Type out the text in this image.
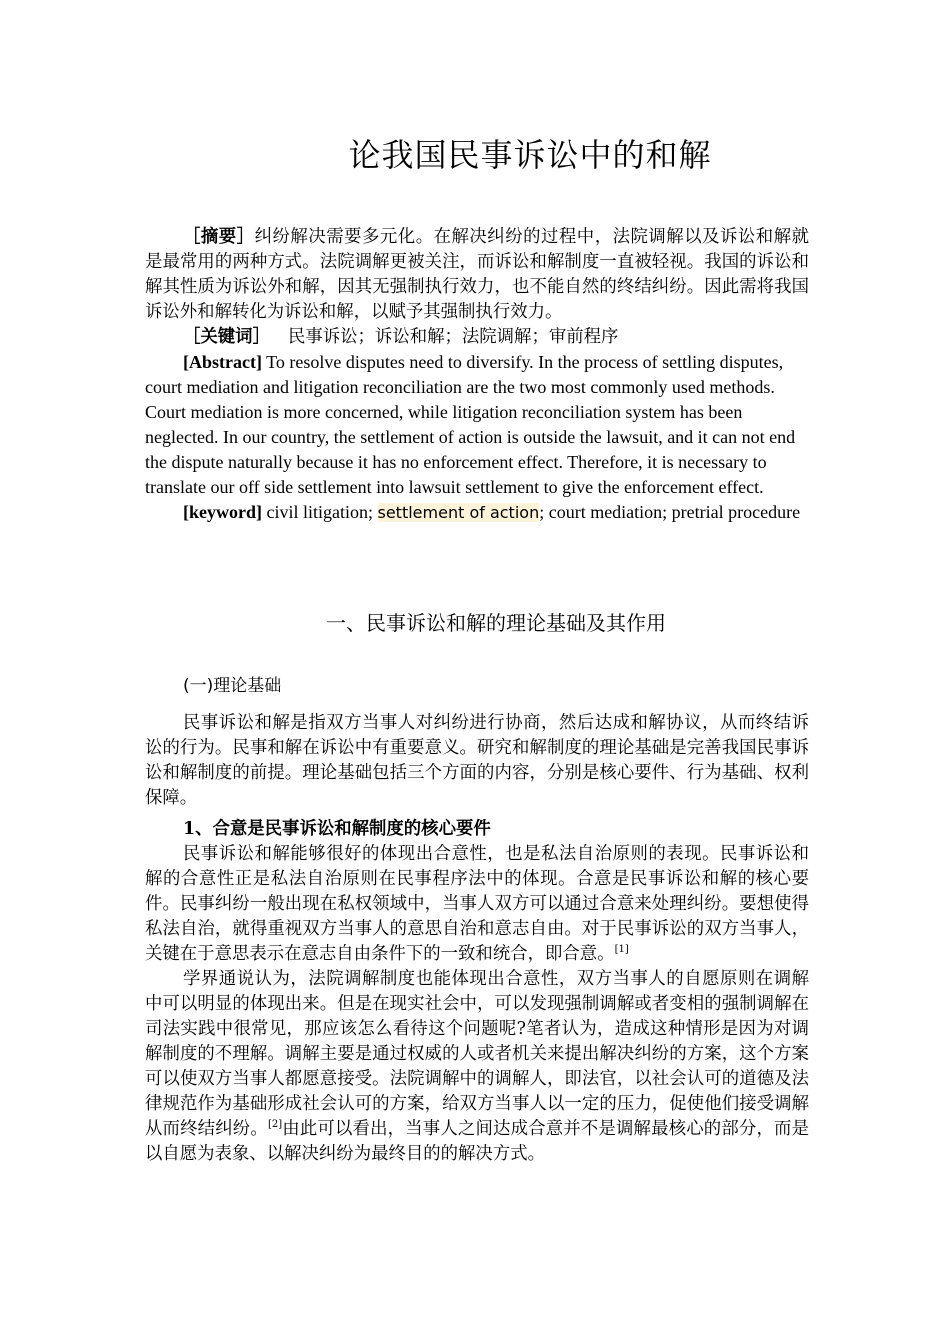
论我国民事诉讼中的和解

［摘要］纠纷解决需要多元化。在解决纠纷的过程中，法院调解以及诉讼和解就是最常用的两种方式。法院调解更被关注，而诉讼和解制度一直被轻视。我国的诉讼和解其性质为诉讼外和解，因其无强制执行效力，也不能自然的终结纠纷。因此需将我国诉讼外和解转化为诉讼和解，以赋予其强制执行效力。

［关键词］ 民事诉讼；诉讼和解；法院调解；审前程序

[Abstract] To resolve disputes need to diversify. In the process of settling disputes, court mediation and litigation reconciliation are the two most commonly used methods. Court mediation is more concerned, while litigation reconciliation system has been neglected. In our country, the settlement of action is outside the lawsuit, and it can not end the dispute naturally because it has no enforcement effect. Therefore, it is necessary to translate our off side settlement into lawsuit settlement to give the enforcement effect.

[keyword] civil litigation; settlement of action; court mediation; pretrial procedure

一、民事诉讼和解的理论基础及其作用
(一)理论基础

民事诉讼和解是指双方当事人对纠纷进行协商，然后达成和解协议，从而终结诉讼的行为。民事和解在诉讼中有重要意义。研究和解制度的理论基础是完善我国民事诉讼和解制度的前提。理论基础包括三个方面的内容，分别是核心要件、行为基础、权利保障。

1、合意是民事诉讼和解制度的核心要件

民事诉讼和解能够很好的体现出合意性，也是私法自治原则的表现。民事诉讼和解的合意性正是私法自治原则在民事程序法中的体现。合意是民事诉讼和解的核心要件。民事纠纷一般出现在私权领域中，当事人双方可以通过合意来处理纠纷。要想使得私法自治，就得重视双方当事人的意思自治和意志自由。对于民事诉讼的双方当事人，关键在于意思表示在意志自由条件下的一致和统合，即合意。[1]

学界通说认为，法院调解制度也能体现出合意性，双方当事人的自愿原则在调解中可以明显的体现出来。但是在现实社会中，可以发现强制调解或者变相的强制调解在司法实践中很常见，那应该怎么看待这个问题呢?笔者认为，造成这种情形是因为对调解制度的不理解。调解主要是通过权威的人或者机关来提出解决纠纷的方案，这个方案可以使双方当事人都愿意接受。法院调解中的调解人，即法官，以社会认可的道德及法律规范作为基础形成社会认可的方案，给双方当事人以一定的压力，促使他们接受调解从而终结纠纷。[2]由此可以看出，当事人之间达成合意并不是调解最核心的部分，而是以自愿为表象、以解决纠纷为最终目的的解决方式。
